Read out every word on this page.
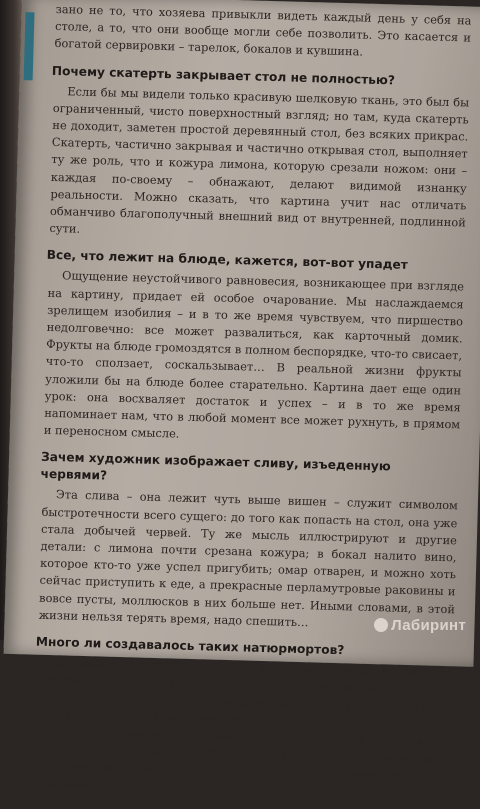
зано не то, что хозяева привыкли видеть каждый день у себя на столе, а то, что они вообще могли себе позволить. Это касается и богатой сервировки – тарелок, бокалов и кувшина.

Почему скатерть закрывает стол не полностью?

Если бы мы видели только красивую шелковую ткань, это был бы ограниченный, чисто поверхностный взгляд; но там, куда скатерть не доходит, заметен простой деревянный стол, без всяких прикрас. Скатерть, частично закрывая и частично открывая стол, выполняет ту же роль, что и кожура лимона, которую срезали ножом: они – каждая по-своему – обнажают, делают видимой изнанку реальности. Можно сказать, что картина учит нас отличать обманчиво благополучный внешний вид от внутренней, подлинной сути.

Все, что лежит на блюде, кажется, вот-вот упадет

Ощущение неустойчивого равновесия, возникающее при взгляде на картину, придает ей особое очарование. Мы наслаждаемся зрелищем изобилия – и в то же время чувствуем, что пиршество недолговечно: все может развалиться, как карточный домик. Фрукты на блюде громоздятся в полном беспорядке, что-то свисает, что-то сползает, соскальзывает… В реальной жизни фрукты уложили бы на блюде более старательно. Картина дает еще один урок: она восхваляет достаток и успех – и в то же время напоминает нам, что в любой момент все может рухнуть, в прямом и переносном смысле.

Зачем художник изображает сливу, изъеденную червями?

Эта слива – она лежит чуть выше вишен – служит символом быстротечности всего сущего: до того как попасть на стол, она уже стала добычей червей. Ту же мысль иллюстрируют и другие детали: с лимона почти срезана кожура; в бокал налито вино, которое кто-то уже успел пригубить; омар отварен, и можно хоть сейчас приступить к еде, а прекрасные перламутровые раковины и вовсе пусты, моллюсков в них больше нет. Иными словами, в этой жизни нельзя терять время, надо спешить…

Много ли создавалось таких натюрмортов?

Да, много, и они пользовались большим успехом. Художники, которые – как Ян Давидс де Хем – специализировались на такого рода картинах, умели в совершенстве передавать свойства и фактуру различных материалов: бархатистость персика, матово-влажную поверхность винограда, хрупкость раковины, прозрачность стекла. Натюрморты требовали от живописца поистине виртуозного владения кистью. В XVII веке их охотно заказывали

Лабиринт
